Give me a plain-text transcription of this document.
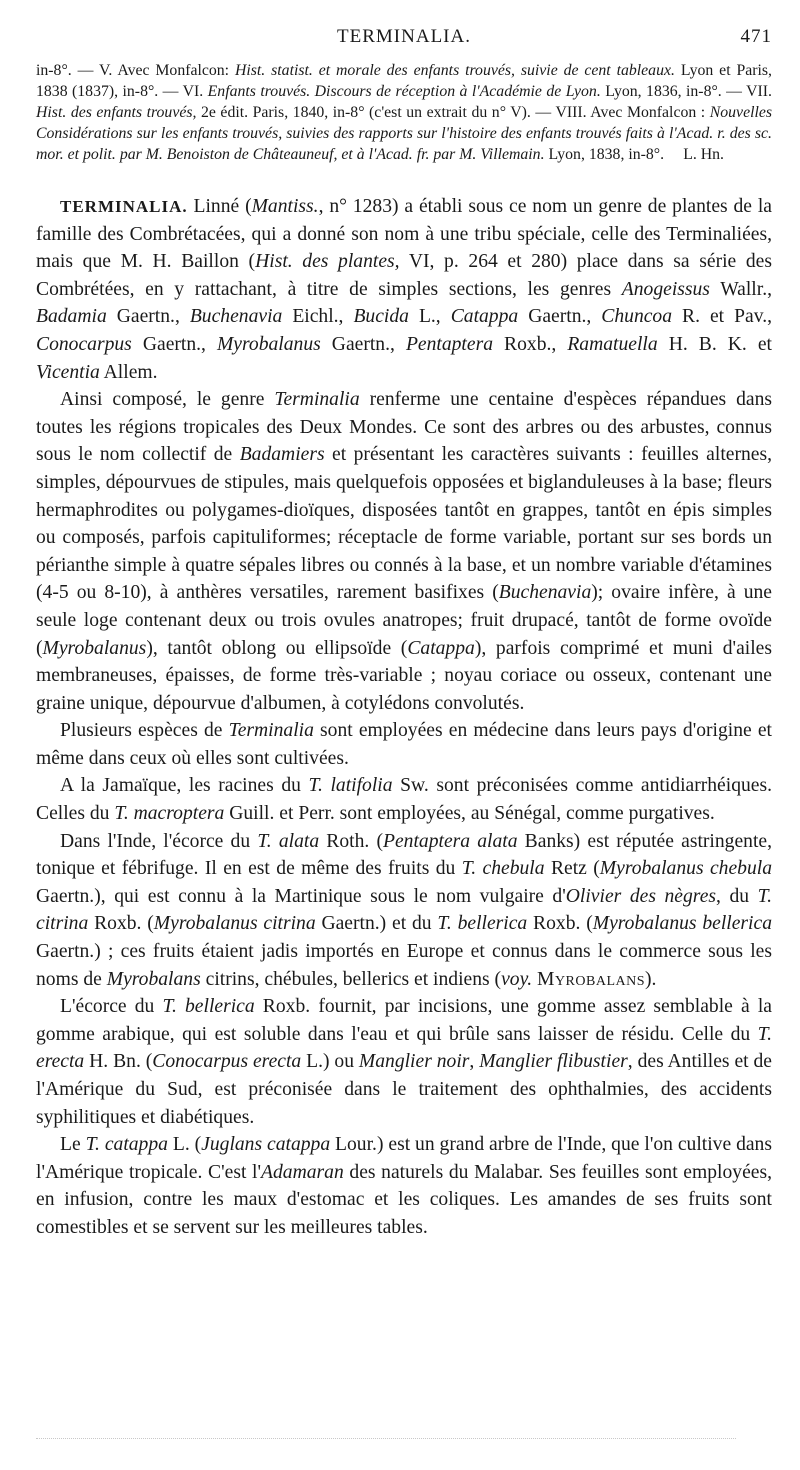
TERMINALIA.	471
in-8°. — V. Avec Monfalcon: Hist. statist. et morale des enfants trouvés, suivie de cent tableaux. Lyon et Paris, 1838 (1837), in-8°. — VI. Enfants trouvés. Discours de réception à l'Académie de Lyon. Lyon, 1836, in-8°. — VII. Hist. des enfants trouvés, 2e édit. Paris, 1840, in-8° (c'est un extrait du n° V). — VIII. Avec Monfalcon : Nouvelles Considérations sur les enfants trouvés, suivies des rapports sur l'histoire des enfants trouvés faits à l'Acad. r. des sc. mor. et polit. par M. Benoiston de Châteauneuf, et à l'Acad. fr. par M. Villemain. Lyon, 1838, in-8°.	L. Hn.

TERMINALIA. Linné (Mantiss., n° 1283) a établi sous ce nom un genre de plantes de la famille des Combrétacées, qui a donné son nom à une tribu spéciale, celle des Terminaliées, mais que M. H. Baillon (Hist. des plantes, VI, p. 264 et 280) place dans sa série des Combrétées, en y rattachant, à titre de simples sections, les genres Anogeissus Wallr., Badamia Gaertn., Buchenavia Eichl., Bucida L., Catappa Gaertn., Chuncoa R. et Pav., Conocarpus Gaertn., Myrobalanus Gaertn., Pentaptera Roxb., Ramatuella H. B. K. et Vicentia Allem.

Ainsi composé, le genre Terminalia renferme une centaine d'espèces répandues dans toutes les régions tropicales des Deux Mondes. Ce sont des arbres ou des arbustes, connus sous le nom collectif de Badamiers et présentant les caractères suivants : feuilles alternes, simples, dépourvues de stipules, mais quelquefois opposées et biglanduleuses à la base; fleurs hermaphrodites ou polygames-dioïques, disposées tantôt en grappes, tantôt en épis simples ou composés, parfois capituliformes; réceptacle de forme variable, portant sur ses bords un périanthe simple à quatre sépales libres ou connés à la base, et un nombre variable d'étamines (4-5 ou 8-10), à anthères versatiles, rarement basifixes (Buchenavia); ovaire infère, à une seule loge contenant deux ou trois ovules anatropes; fruit drupacé, tantôt de forme ovoïde (Myrobalanus), tantôt oblong ou ellipsoïde (Catappa), parfois comprimé et muni d'ailes membraneuses, épaisses, de forme très-variable ; noyau coriace ou osseux, contenant une graine unique, dépourvue d'albumen, à cotylédons convolutés.

Plusieurs espèces de Terminalia sont employées en médecine dans leurs pays d'origine et même dans ceux où elles sont cultivées.

A la Jamaïque, les racines du T. latifolia Sw. sont préconisées comme antidiarrhéiques. Celles du T. macroptera Guill. et Perr. sont employées, au Sénégal, comme purgatives.

Dans l'Inde, l'écorce du T. alata Roth. (Pentaptera alata Banks) est réputée astringente, tonique et fébrifuge. Il en est de même des fruits du T. chebula Retz (Myrobalanus chebula Gaertn.), qui est connu à la Martinique sous le nom vulgaire d'Olivier des nègres, du T. citrina Roxb. (Myrobalanus citrina Gaertn.) et du T. bellerica Roxb. (Myrobalanus bellerica Gaertn.) ; ces fruits étaient jadis importés en Europe et connus dans le commerce sous les noms de Myrobalans citrins, chébules, bellerics et indiens (voy. Myrobalans).

L'écorce du T. bellerica Roxb. fournit, par incisions, une gomme assez semblable à la gomme arabique, qui est soluble dans l'eau et qui brûle sans laisser de résidu. Celle du T. erecta H. Bn. (Conocarpus erecta L.) ou Manglier noir, Manglier flibustier, des Antilles et de l'Amérique du Sud, est préconisée dans le traitement des ophthalmies, des accidents syphilitiques et diabétiques.

Le T. catappa L. (Juglans catappa Lour.) est un grand arbre de l'Inde, que l'on cultive dans l'Amérique tropicale. C'est l'Adamaran des naturels du Malabar. Ses feuilles sont employées, en infusion, contre les maux d'estomac et les coliques. Les amandes de ses fruits sont comestibles et se servent sur les meilleures tables.
